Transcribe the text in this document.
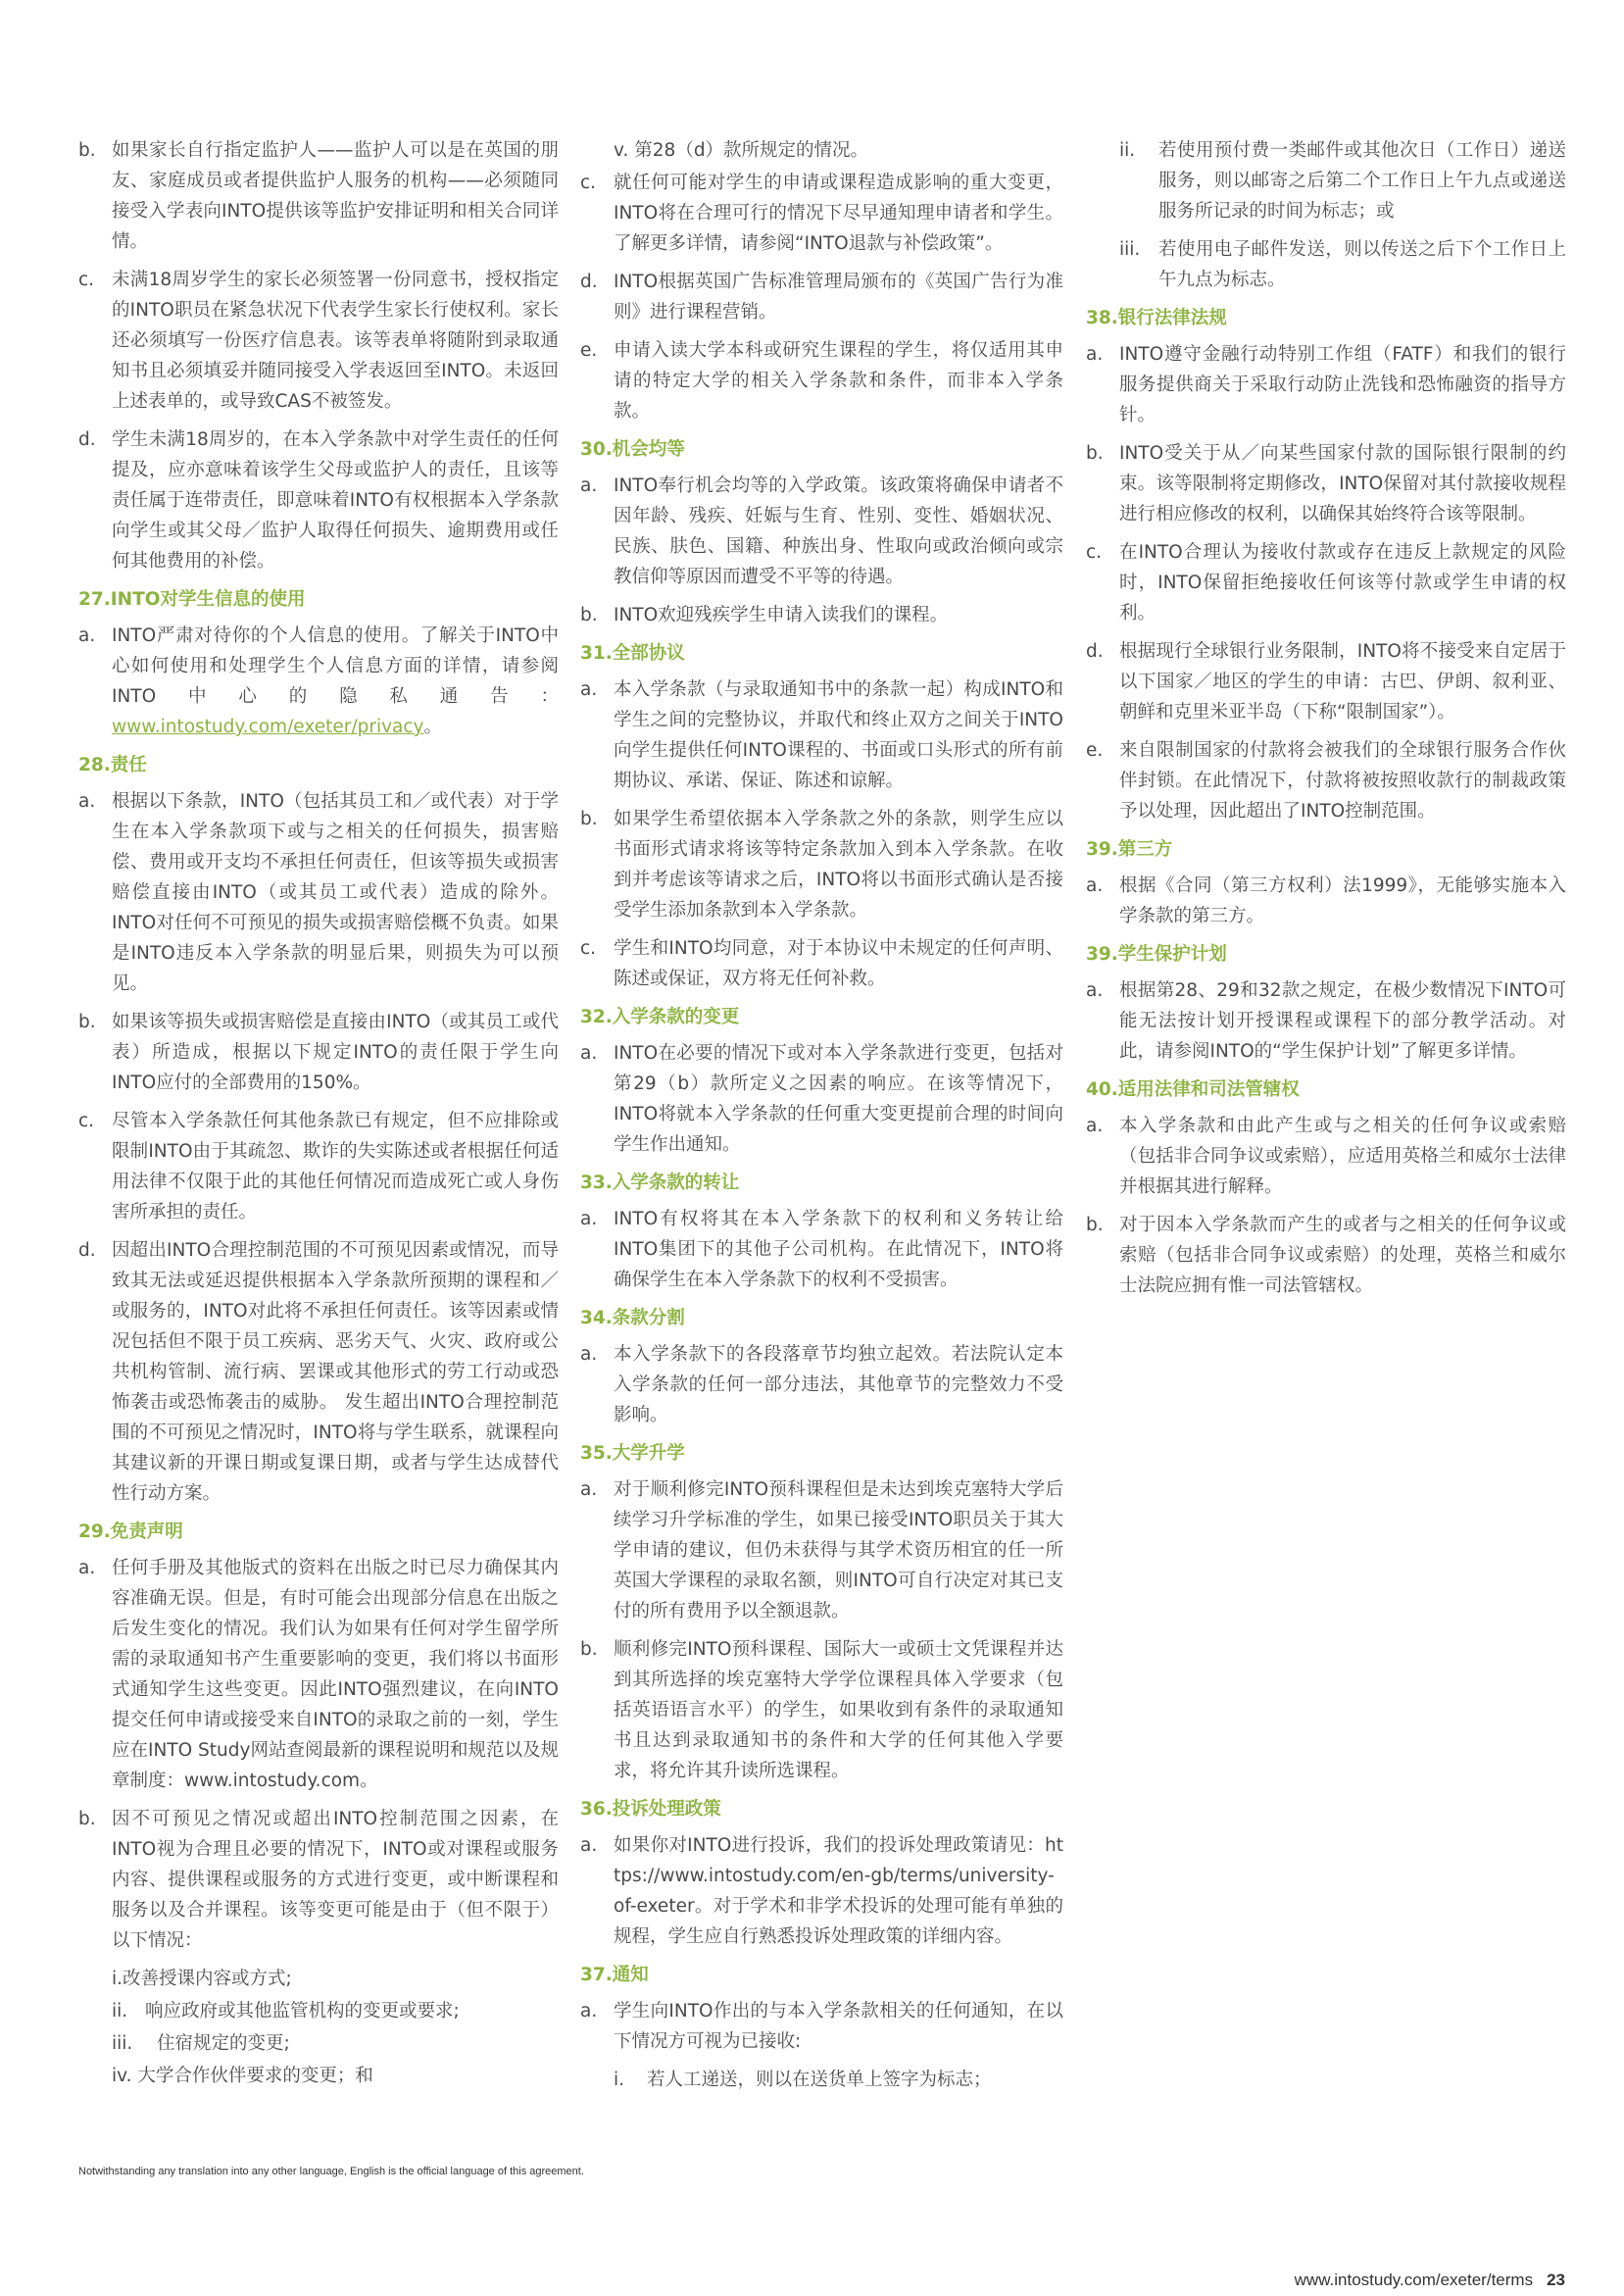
b. 如果家长自行指定监护人——监护人可以是在英国的朋友、家庭成员或者提供监护人服务的机构——必须随同接受入学表向INTO提供该等监护安排证明和相关合同详情。
c. 未满18周岁学生的家长必须签署一份同意书，授权指定的INTO职员在紧急状况下代表学生家长行使权利。家长还必须填写一份医疗信息表。该等表单将随附到录取通知书且必须填妥并随同接受入学表返回至INTO。未返回上述表单的，或导致CAS不被签发。
d. 学生未满18周岁的，在本入学条款中对学生责任的任何提及，应亦意味着该学生父母或监护人的责任，且该等责任属于连带责任，即意味着INTO有权根据本入学条款向学生或其父母／监护人取得任何损失、逾期费用或任何其他费用的补偿。
27.INTO对学生信息的使用
a. INTO严肃对待你的个人信息的使用。了解关于INTO中心如何使用和处理学生个人信息方面的详情，请参阅INTO中心的隐私通告：www.intostudy.com/exeter/privacy。
28.责任
a. 根据以下条款，INTO（包括其员工和／或代表）对于学生在本入学条款项下或与之相关的任何损失，损害赔偿、费用或开支均不承担任何责任，但该等损失或损害赔偿直接由INTO（或其员工或代表）造成的除外。INTO对任何不可预见的损失或损害赔偿概不负责。如果是INTO违反本入学条款的明显后果，则损失为可以预见。
b. 如果该等损失或损害赔偿是直接由INTO（或其员工或代表）所造成，根据以下规定INTO的责任限于学生向INTO应付的全部费用的150%。
c. 尽管本入学条款任何其他条款已有规定，但不应排除或限制INTO由于其疏忽、欺诈的失实陈述或者根据任何适用法律不仅限于此的其他任何情况而造成死亡或人身伤害所承担的责任。
d. 因超出INTO合理控制范围的不可预见因素或情况，而导致其无法或延迟提供根据本入学条款所预期的课程和／或服务的，INTO对此将不承担任何责任。该等因素或情况包括但不限于员工疾病、恶劣天气、火灾、政府或公共机构管制、流行病、罢课或其他形式的劳工行动或恐怖袭击或恐怖袭击的威胁。 发生超出INTO合理控制范围的不可预见之情况时，INTO将与学生联系，就课程向其建议新的开课日期或复课日期，或者与学生达成替代性行动方案。
29.免责声明
a. 任何手册及其他版式的资料在出版之时已尽力确保其内容准确无误。但是，有时可能会出现部分信息在出版之后发生变化的情况。我们认为如果有任何对学生留学所需的录取通知书产生重要影响的变更，我们将以书面形式通知学生这些变更。因此INTO强烈建议，在向INTO提交任何申请或接受来自INTO的录取之前的一刻，学生应在INTO Study网站查阅最新的课程说明和规范以及规章制度：www.intostudy.com。
b. 因不可预见之情况或超出INTO控制范围之因素，在INTO视为合理且必要的情况下，INTO或对课程或服务内容、提供课程或服务的方式进行变更，或中断课程和服务以及合并课程。该等变更可能是由于（但不限于）以下情况：
i.改善授课内容或方式;
ii. 响应政府或其他监管机构的变更或要求;
iii. 住宿规定的变更;
iv. 大学合作伙伴要求的变更；和
v. 第28（d）款所规定的情况。
c. 就任何可能对学生的申请或课程造成影响的重大变更，INTO将在合理可行的情况下尽早通知理申请者和学生。了解更多详情，请参阅“INTO退款与补偿政策”。
d. INTO根据英国广告标准管理局颁布的《英国广告行为准则》进行课程营销。
e. 申请入读大学本科或研究生课程的学生，将仅适用其申请的特定大学的相关入学条款和条件，而非本入学条款。
30.机会均等
a. INTO奉行机会均等的入学政策。该政策将确保申请者不因年龄、残疾、妊娠与生育、性别、变性、婚姻状况、民族、肤色、国籍、种族出身、性取向或政治倾向或宗教信仰等原因而遭受不平等的待遇。
b. INTO欢迎残疾学生申请入读我们的课程。
31.全部协议
a. 本入学条款（与录取通知书中的条款一起）构成INTO和学生之间的完整协议，并取代和终止双方之间关于INTO向学生提供任何INTO课程的、书面或口头形式的所有前期协议、承诺、保证、陈述和谅解。
b. 如果学生希望依据本入学条款之外的条款，则学生应以书面形式请求将该等特定条款加入到本入学条款。在收到并考虑该等请求之后，INTO将以书面形式确认是否接受学生添加条款到本入学条款。
c. 学生和INTO均同意，对于本协议中未规定的任何声明、陈述或保证，双方将无任何补救。
32.入学条款的变更
a. INTO在必要的情况下或对本入学条款进行变更，包括对第29（b）款所定义之因素的响应。在该等情况下，INTO将就本入学条款的任何重大变更提前合理的时间向学生作出通知。
33.入学条款的转让
a. INTO有权将其在本入学条款下的权利和义务转让给INTO集团下的其他子公司机构。在此情况下，INTO将确保学生在本入学条款下的权利不受损害。
34.条款分割
a. 本入学条款下的各段落章节均独立起效。若法院认定本入学条款的任何一部分违法，其他章节的完整效力不受影响。
35.大学升学
a. 对于顺利修完INTO预科课程但是未达到埃克塞特大学后续学习升学标准的学生，如果已接受INTO职员关于其大学申请的建议，但仍未获得与其学术资历相宜的任一所英国大学课程的录取名额，则INTO可自行决定对其已支付的所有费用予以全额退款。
b. 顺利修完INTO预科课程、国际大一或硕士文凭课程并达到其所选择的埃克塞特大学学位课程具体入学要求（包括英语语言水平）的学生，如果收到有条件的录取通知书且达到录取通知书的条件和大学的任何其他入学要求，将允许其升读所选课程。
36.投诉处理政策
a. 如果你对INTO进行投诉，我们的投诉处理政策请见：https://www.intostudy.com/en-gb/terms/university-of-exeter。对于学术和非学术投诉的处理可能有单独的规程，学生应自行熟悉投诉处理政策的详细内容。
37.通知
a. 学生向INTO作出的与本入学条款相关的任何通知，在以下情况方可视为已接收:
i. 若人工递送，则以在送货单上签字为标志；
ii. 若使用预付费一类邮件或其他次日（工作日）递送服务，则以邮寄之后第二个工作日上午九点或递送服务所记录的时间为标志；或
iii. 若使用电子邮件发送，则以传送之后下个工作日上午九点为标志。
38.银行法律法规
a. INTO遵守金融行动特别工作组（FATF）和我们的银行服务提供商关于采取行动防止洗钱和恐怖融资的指导方针。
b. INTO受关于从／向某些国家付款的国际银行限制的约束。该等限制将定期修改，INTO保留对其付款接收规程进行相应修改的权利，以确保其始终符合该等限制。
c. 在INTO合理认为接收付款或存在违反上款规定的风险时，INTO保留拒绝接收任何该等付款或学生申请的权利。
d. 根据现行全球银行业务限制，INTO将不接受来自定居于以下国家／地区的学生的申请：古巴、伊朗、叙利亚、朝鲜和克里米亚半岛（下称“限制国家”）。
e. 来自限制国家的付款将会被我们的全球银行服务合作伙伴封锁。在此情况下，付款将被按照收款行的制裁政策予以处理，因此超出了INTO控制范围。
39.第三方
a. 根据《合同（第三方权利）法1999》，无能够实施本入学条款的第三方。
39.学生保护计划
a. 根据第28、29和32款之规定，在极少数情况下INTO可能无法按计划开授课程或课程下的部分教学活动。对此，请参阅INTO的“学生保护计划”了解更多详情。
40.适用法律和司法管辖权
a. 本入学条款和由此产生或与之相关的任何争议或索赔（包括非合同争议或索赔），应适用英格兰和威尔士法律并根据其进行解释。
b. 对于因本入学条款而产生的或者与之相关的任何争议或索赔（包括非合同争议或索赔）的处理，英格兰和威尔士法院应拥有惟一司法管辖权。
Notwithstanding any translation into any other language, English is the official language of this agreement.
www.intostudy.com/exeter/terms 23
